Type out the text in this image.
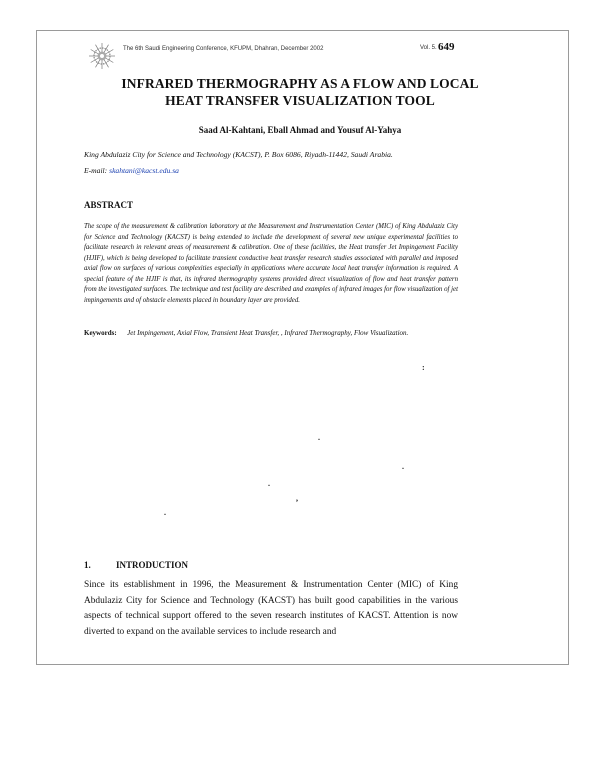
The 6th Saudi Engineering Conference, KFUPM, Dhahran, December 2002	Vol. 5. 649
INFRARED THERMOGRAPHY AS A FLOW AND LOCAL
HEAT TRANSFER VISUALIZATION TOOL
Saad Al-Kahtani, Eball Ahmad and Yousuf Al-Yahya
King Abdulaziz City for Science and Technology (KACST), P. Box 6086, Riyadh-11442, Saudi Arabia.
E-mail: skahtani@kacst.edu.sa
ABSTRACT
The scope of the measurement & calibration laboratory at the Measurement and Instrumentation Center (MIC) of King Abdulaziz City for Science and Technology (KACST) is being extended to include the development of several new unique experimental facilities to facilitate research in relevant areas of measurement & calibration. One of these facilities, the Heat transfer Jet Impingement Facility (HJIF), which is being developed to facilitate transient conductive heat transfer research studies associated with parallel and imposed axial flow on surfaces of various complexities especially in applications where accurate local heat transfer information is required. A special feature of the HJIF is that, its infrared thermography systems provided direct visualization of flow and heat transfer pattern from the investigated surfaces. The technique and test facility are described and examples of infrared images for flow visualization of jet impingements and of obstacle elements placed in boundary layer are provided.
Keywords: Jet Impingement, Axial Flow, Transient Heat Transfer, , Infrared Thermography, Flow Visualization.
:
.
.
.
,
.
1.	INTRODUCTION
Since its establishment in 1996, the Measurement & Instrumentation Center (MIC) of King Abdulaziz City for Science and Technology (KACST) has built good capabilities in the various aspects of technical support offered to the seven research institutes of KACST. Attention is now diverted to expand on the available services to include research and
